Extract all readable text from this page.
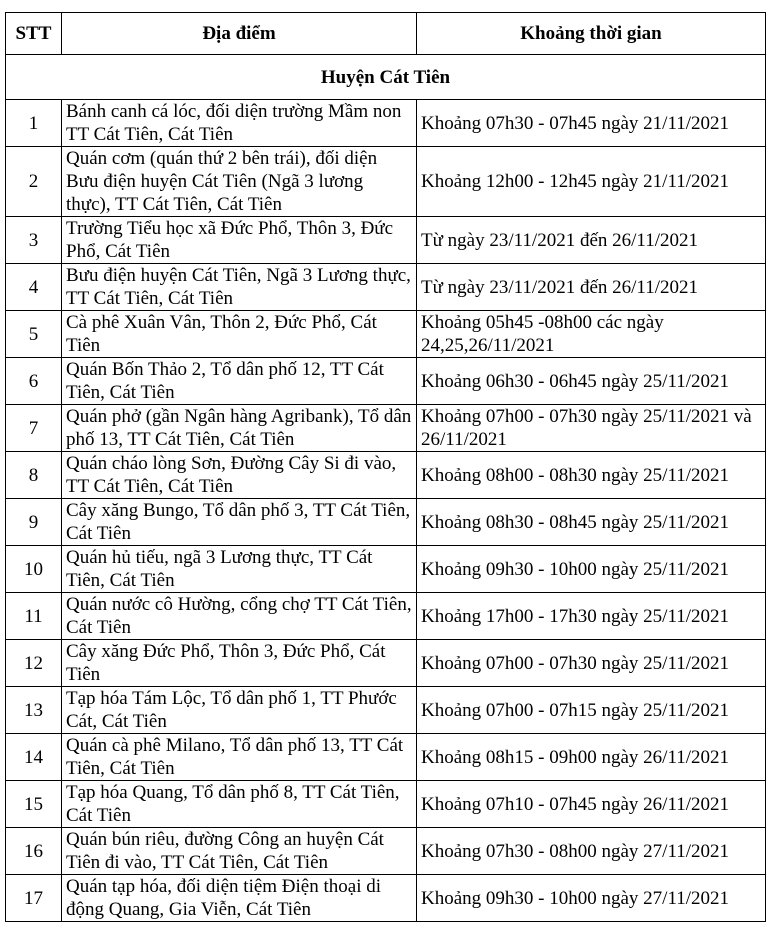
STT	Địa điểm	Khoảng thời gian
Huyện Cát Tiên		
1	Bánh canh cá lóc, đối diện trường Mầm non TT Cát Tiên, Cát Tiên	Khoảng 07h30 - 07h45 ngày 21/11/2021
2	Quán cơm (quán thứ 2 bên trái), đối diện Bưu điện huyện Cát Tiên (Ngã 3 lương thực), TT Cát Tiên, Cát Tiên	Khoảng 12h00 - 12h45 ngày 21/11/2021
3	Trường Tiểu học xã Đức Phổ, Thôn 3, Đức Phổ, Cát Tiên	Từ ngày 23/11/2021 đến 26/11/2021
4	Bưu điện huyện Cát Tiên, Ngã 3 Lương thực, TT Cát Tiên, Cát Tiên	Từ ngày 23/11/2021 đến 26/11/2021
5	Cà phê Xuân Vân, Thôn 2, Đức Phổ, Cát Tiên	Khoảng 05h45 -08h00 các ngày 24,25,26/11/2021
6	Quán Bốn Thảo 2, Tổ dân phố 12, TT Cát Tiên, Cát Tiên	Khoảng 06h30 - 06h45 ngày 25/11/2021
7	Quán phở (gần Ngân hàng Agribank), Tổ dân phố 13, TT Cát Tiên, Cát Tiên	Khoảng 07h00 - 07h30 ngày 25/11/2021 và 26/11/2021
8	Quán cháo lòng Sơn, Đường Cây Si đi vào, TT Cát Tiên, Cát Tiên	Khoảng 08h00 - 08h30 ngày 25/11/2021
9	Cây xăng Bungo, Tổ dân phố 3, TT Cát Tiên, Cát Tiên	Khoảng 08h30 - 08h45 ngày 25/11/2021
10	Quán hủ tiếu, ngã 3 Lương thực, TT Cát Tiên, Cát Tiên	Khoảng 09h30 - 10h00 ngày 25/11/2021
11	Quán nước cô Hường, cổng chợ TT Cát Tiên, Cát Tiên	Khoảng 17h00 - 17h30 ngày 25/11/2021
12	Cây xăng Đức Phổ, Thôn 3, Đức Phổ, Cát Tiên	Khoảng 07h00 - 07h30 ngày 25/11/2021
13	Tạp hóa Tám Lộc, Tổ dân phố 1, TT Phước Cát, Cát Tiên	Khoảng 07h00 - 07h15 ngày 25/11/2021
14	Quán cà phê Milano, Tổ dân phố 13, TT Cát Tiên, Cát Tiên	Khoảng 08h15 - 09h00 ngày 26/11/2021
15	Tạp hóa Quang, Tổ dân phố 8, TT Cát Tiên, Cát Tiên	Khoảng 07h10 - 07h45 ngày 26/11/2021
16	Quán bún riêu, đường Công an huyện Cát Tiên đi vào, TT Cát Tiên, Cát Tiên	Khoảng 07h30 - 08h00 ngày 27/11/2021
17	Quán tạp hóa, đối diện tiệm Điện thoại di động Quang, Gia Viễn, Cát Tiên	Khoảng 09h30 - 10h00 ngày 27/11/2021
